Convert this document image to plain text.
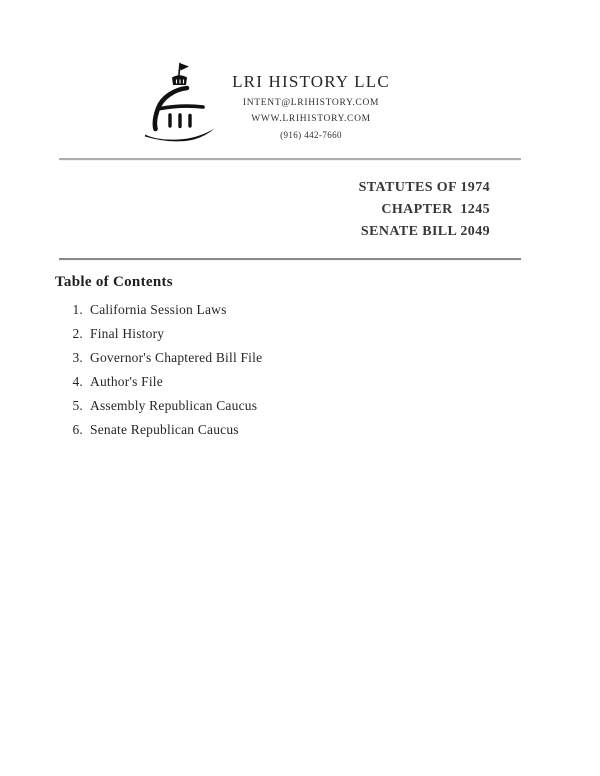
LRI HISTORY LLC
INTENT@LRIHISTORY.COM
WWW.LRIHISTORY.COM
(916) 442-7660
STATUTES OF 1974
CHAPTER  1245
SENATE BILL 2049
Table of Contents
1. California Session Laws
2. Final History
3. Governor's Chaptered Bill File
4. Author's File
5. Assembly Republican Caucus
6. Senate Republican Caucus
